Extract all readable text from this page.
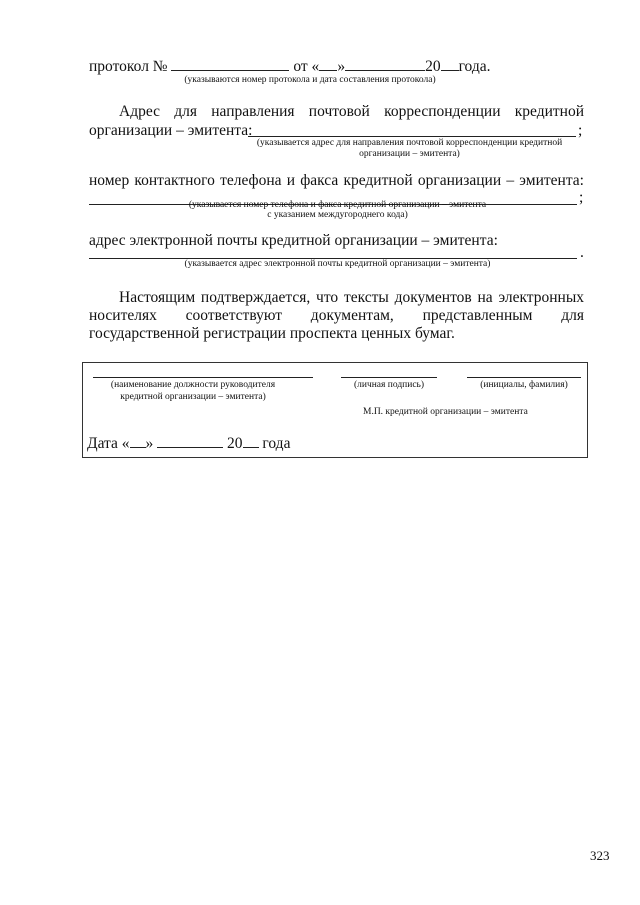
протокол №	от « »	20 года.
(указываются номер протокола и дата составления протокола)
Адрес для направления почтовой корреспонденции кредитной
организации – эмитента:	;
(указывается адрес для направления почтовой корреспонденции кредитной
организации – эмитента)
номер контактного телефона и факса кредитной организации – эмитента:
;
(указывается номер телефона и факса кредитной организации – эмитента
с указанием междугороднего кода)
адрес электронной почты кредитной организации – эмитента:
.
(указывается адрес электронной почты кредитной организации – эмитента)
Настоящим подтверждается, что тексты документов на электронных
носителях соответствуют документам, представленным для
государственной регистрации проспекта ценных бумаг.
(наименование должности руководителя
кредитной организации – эмитента)
(личная подпись)	(инициалы, фамилия)
М.П. кредитной организации – эмитента
Дата « »	20 года
323
